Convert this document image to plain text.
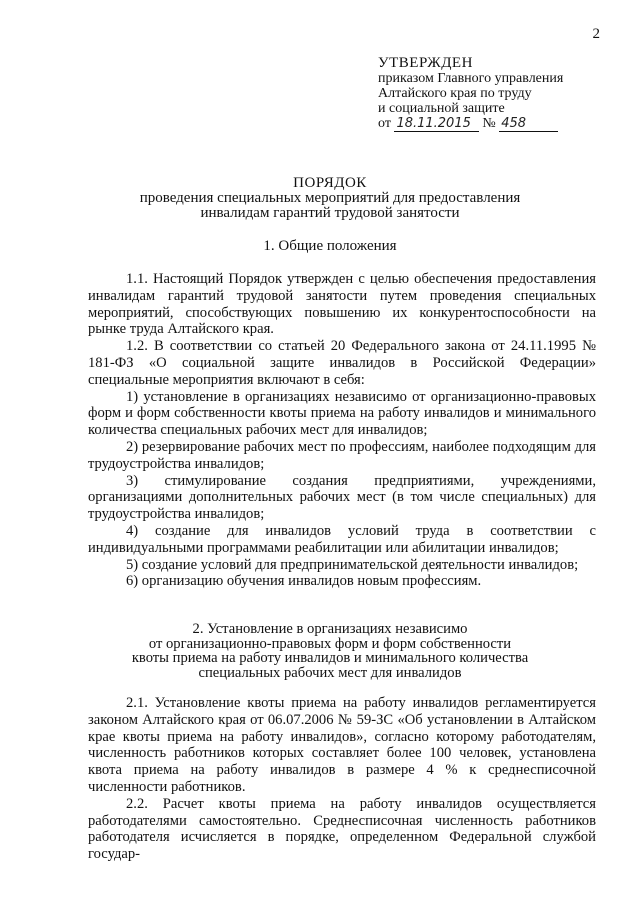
2
УТВЕРЖДЕН
приказом Главного управления
Алтайского края по труду
и социальной защите
от 18.11.2015 № 458
ПОРЯДОК
проведения специальных мероприятий для предоставления
инвалидам гарантий трудовой занятости
1. Общие положения

1.1. Настоящий Порядок утвержден с целью обеспечения предоставления инвалидам гарантий трудовой занятости путем проведения специальных мероприятий, способствующих повышению их конкурентоспособности на рынке труда Алтайского края.

1.2. В соответствии со статьей 20 Федерального закона от 24.11.1995 № 181-ФЗ «О социальной защите инвалидов в Российской Федерации» специальные мероприятия включают в себя:

1) установление в организациях независимо от организационно-правовых форм и форм собственности квоты приема на работу инвалидов и минимального количества специальных рабочих мест для инвалидов;

2) резервирование рабочих мест по профессиям, наиболее подходящим для трудоустройства инвалидов;

3) стимулирование создания предприятиями, учреждениями, организациями дополнительных рабочих мест (в том числе специальных) для трудоустройства инвалидов;

4) создание для инвалидов условий труда в соответствии с индивидуальными программами реабилитации или абилитации инвалидов;

5) создание условий для предпринимательской деятельности инвалидов;

6) организацию обучения инвалидов новым профессиям.

2. Установление в организациях независимо
от организационно-правовых форм и форм собственности
квоты приема на работу инвалидов и минимального количества
специальных рабочих мест для инвалидов

2.1. Установление квоты приема на работу инвалидов регламентируется законом Алтайского края от 06.07.2006 № 59-ЗС «Об установлении в Алтайском крае квоты приема на работу инвалидов», согласно которому работодателям, численность работников которых составляет более 100 человек, установлена квота приема на работу инвалидов в размере 4 % к среднесписочной численности работников.

2.2. Расчет квоты приема на работу инвалидов осуществляется работодателями самостоятельно. Среднесписочная численность работников работодателя исчисляется в порядке, определенном Федеральной службой государ-
